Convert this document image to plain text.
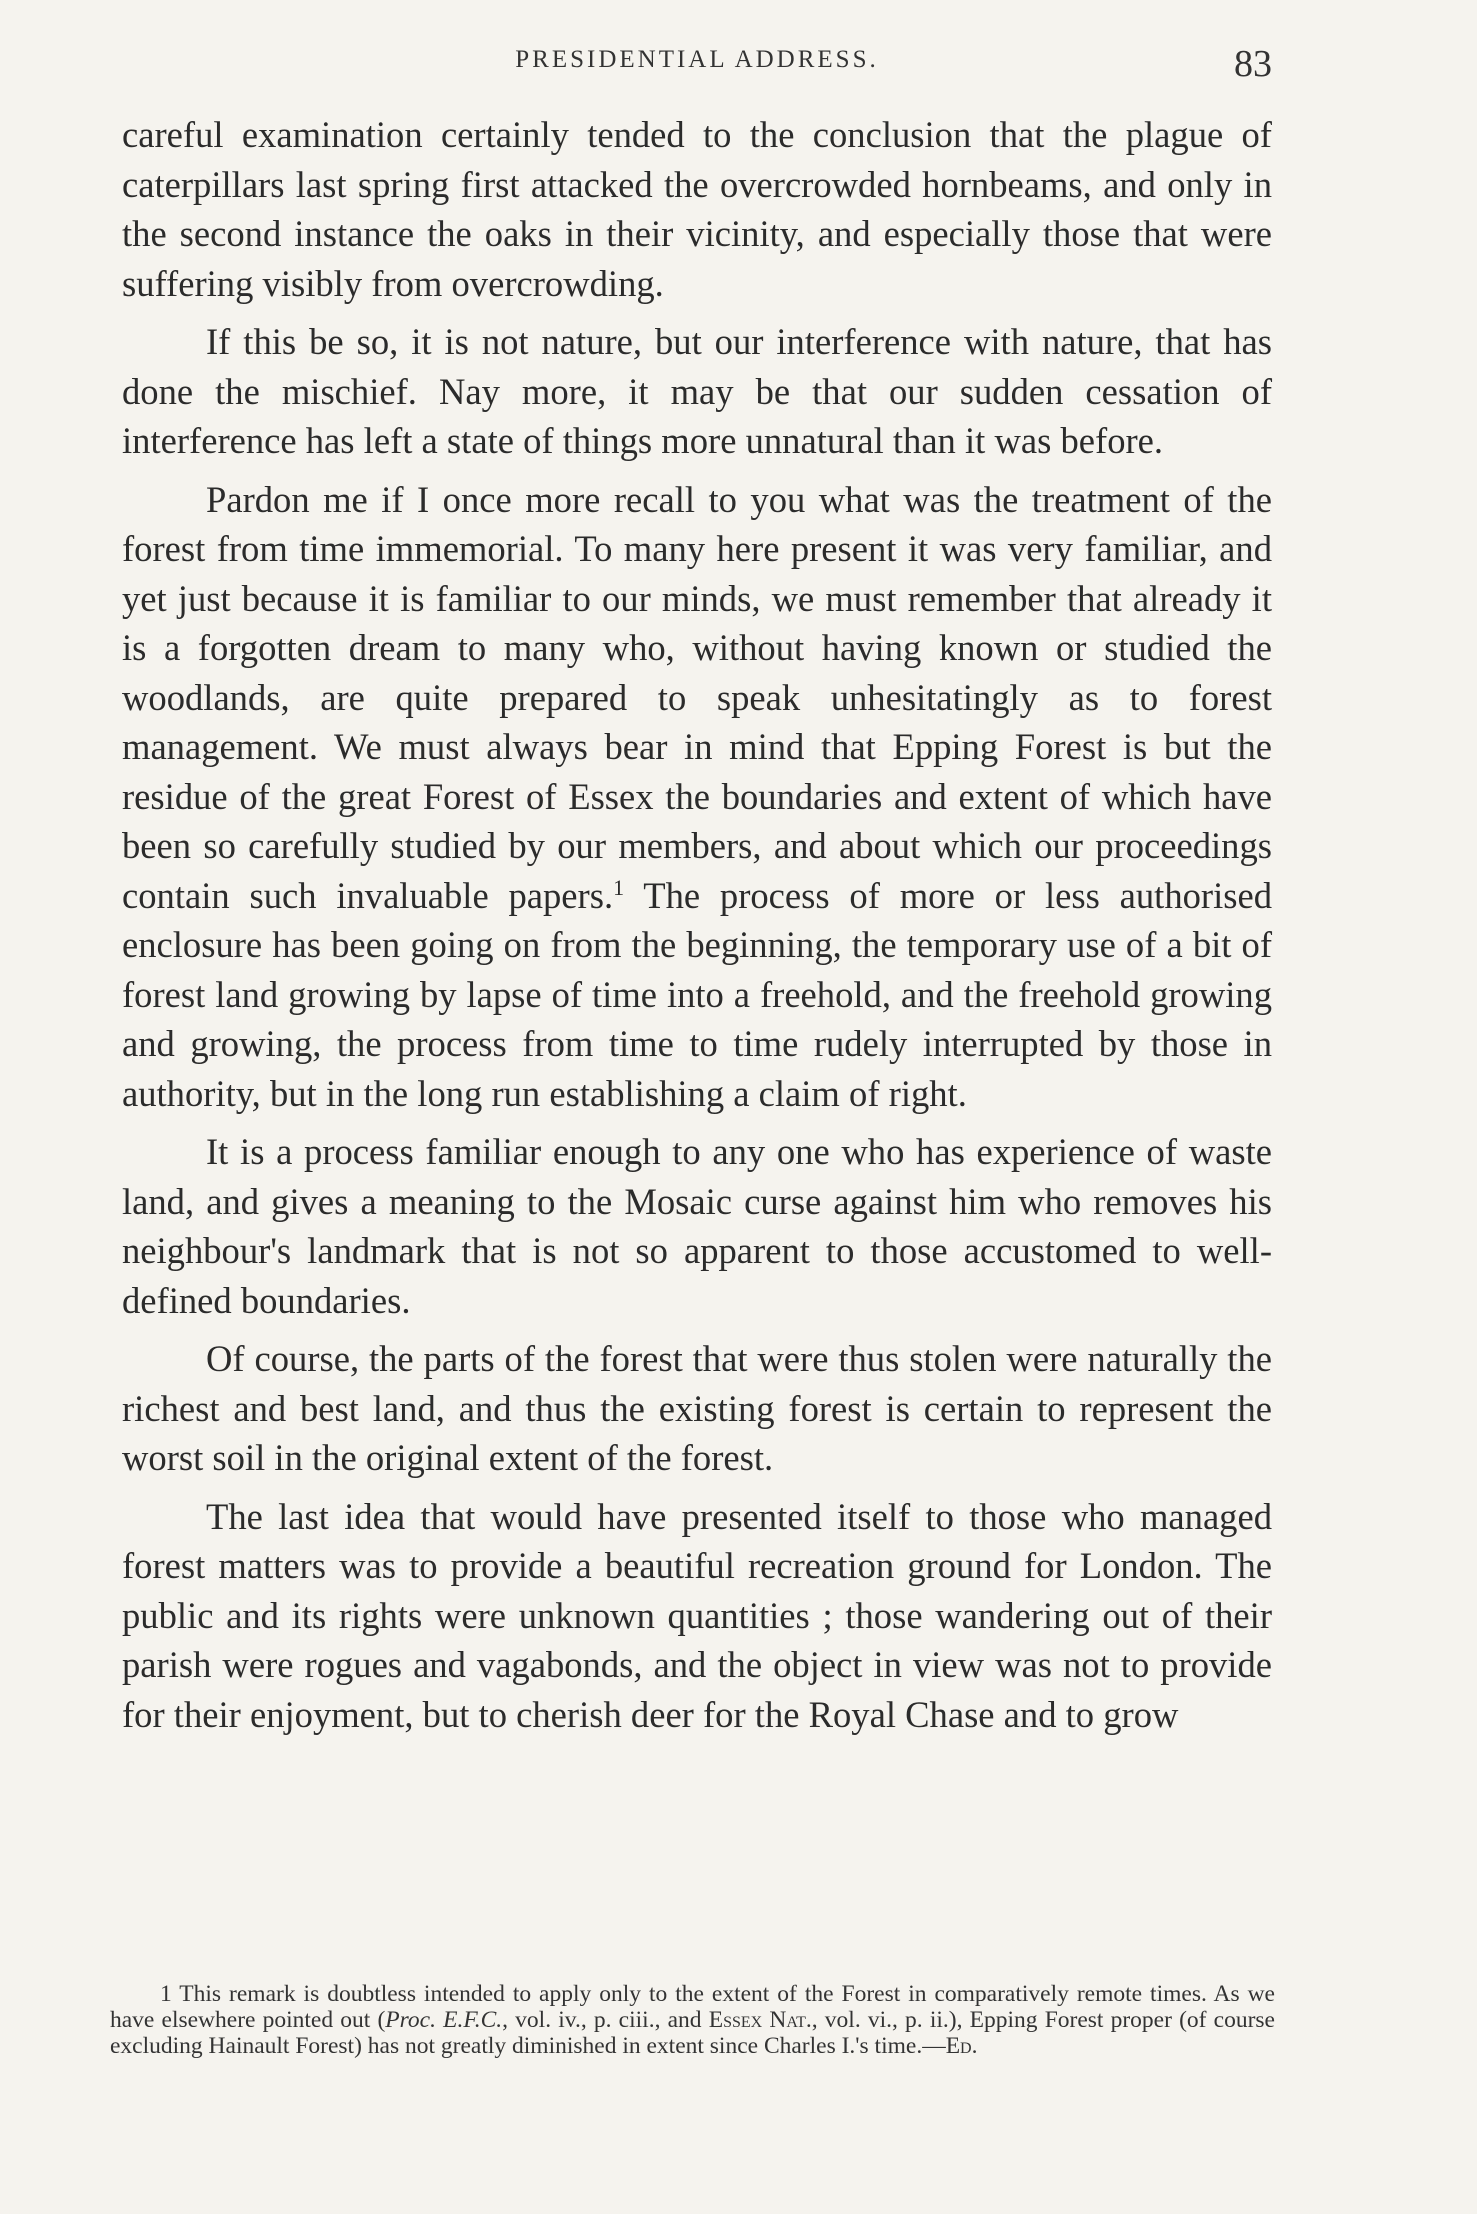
PRESIDENTIAL ADDRESS.	83

careful examination certainly tended to the conclusion that the plague of caterpillars last spring first attacked the overcrowded hornbeams, and only in the second instance the oaks in their vicinity, and especially those that were suffering visibly from overcrowding.

If this be so, it is not nature, but our interference with nature, that has done the mischief. Nay more, it may be that our sudden cessation of interference has left a state of things more unnatural than it was before.

Pardon me if I once more recall to you what was the treatment of the forest from time immemorial. To many here present it was very familiar, and yet just because it is familiar to our minds, we must remember that already it is a forgotten dream to many who, without having known or studied the woodlands, are quite prepared to speak unhesitatingly as to forest management. We must always bear in mind that Epping Forest is but the residue of the great Forest of Essex the boundaries and extent of which have been so carefully studied by our members, and about which our proceedings contain such invaluable papers.$^1$ The process of more or less authorised enclosure has been going on from the beginning, the temporary use of a bit of forest land growing by lapse of time into a freehold, and the freehold growing and growing, the process from time to time rudely interrupted by those in authority, but in the long run establishing a claim of right.

It is a process familiar enough to any one who has experience of waste land, and gives a meaning to the Mosaic curse against him who removes his neighbour's landmark that is not so apparent to those accustomed to well-defined boundaries.

Of course, the parts of the forest that were thus stolen were naturally the richest and best land, and thus the existing forest is certain to represent the worst soil in the original extent of the forest.

The last idea that would have presented itself to those who managed forest matters was to provide a beautiful recreation ground for London. The public and its rights were unknown quantities ; those wandering out of their parish were rogues and vagabonds, and the object in view was not to provide for their enjoyment, but to cherish deer for the Royal Chase and to grow

1 This remark is doubtless intended to apply only to the extent of the Forest in comparatively remote times. As we have elsewhere pointed out (Proc. E.F.C., vol. iv., p. ciii., and Essex Nat., vol. vi., p. ii.), Epping Forest proper (of course excluding Hainault Forest) has not greatly diminished in extent since Charles I.'s time.—Ed.
